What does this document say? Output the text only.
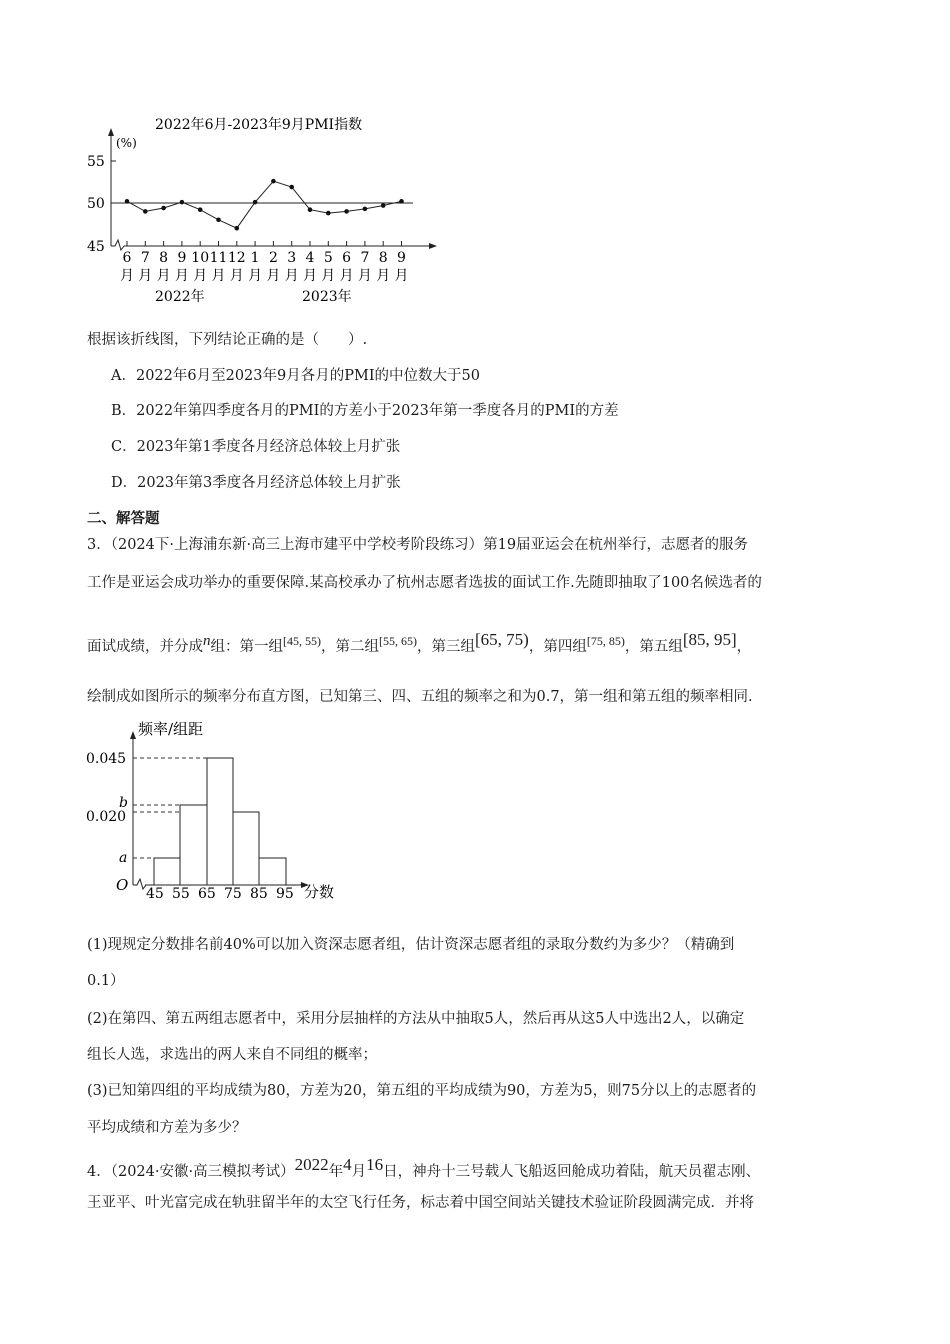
2022年6月-2023年9月PMI指数
(%)
55
50
45
6
月
7
月
8
月
9
月
10
月
11
月
12
月
1
月
2
月
3
月
4
月
5
月
6
月
7
月
8
月
9
月
2022年	2023年
根据该折线图，下列结论正确的是（　　）.
A．2022年6月至2023年9月各月的PMI的中位数大于50
B．2022年第四季度各月的PMI的方差小于2023年第一季度各月的PMI的方差
C．2023年第1季度各月经济总体较上月扩张
D．2023年第3季度各月经济总体较上月扩张
二、解答题
3．（2024下·上海浦东新·高三上海市建平中学校考阶段练习）第19届亚运会在杭州举行，志愿者的服务
工作是亚运会成功举办的重要保障.某高校承办了杭州志愿者选拔的面试工作.先随即抽取了100名候选者的
面试成绩，并分成n组：第一组$^{[45, 55)}$，第二组$^{[55, 65)}$，第三组[65, 75)，第四组$^{[75, 85)}$，第五组[85, 95]，
绘制成如图所示的频率分布直方图，已知第三、四、五组的频率之和为0.7，第一组和第五组的频率相同.
频率/组距
O	分数
0.045
b
0.020
a
45 55 65 75 85 95
(1)现规定分数排名前40%可以加入资深志愿者组，估计资深志愿者组的录取分数约为多少？（精确到
0.1）
(2)在第四、第五两组志愿者中，采用分层抽样的方法从中抽取5人，然后再从这5人中选出2人，以确定
组长人选，求选出的两人来自不同组的概率；
(3)已知第四组的平均成绩为80，方差为20，第五组的平均成绩为90，方差为5，则75分以上的志愿者的
平均成绩和方差为多少？
4．（2024·安徽·高三模拟考试）2022年4月16日，神舟十三号载人飞船返回舱成功着陆，航天员翟志刚、
王亚平、叶光富完成在轨驻留半年的太空飞行任务，标志着中国空间站关键技术验证阶段圆满完成．并将
